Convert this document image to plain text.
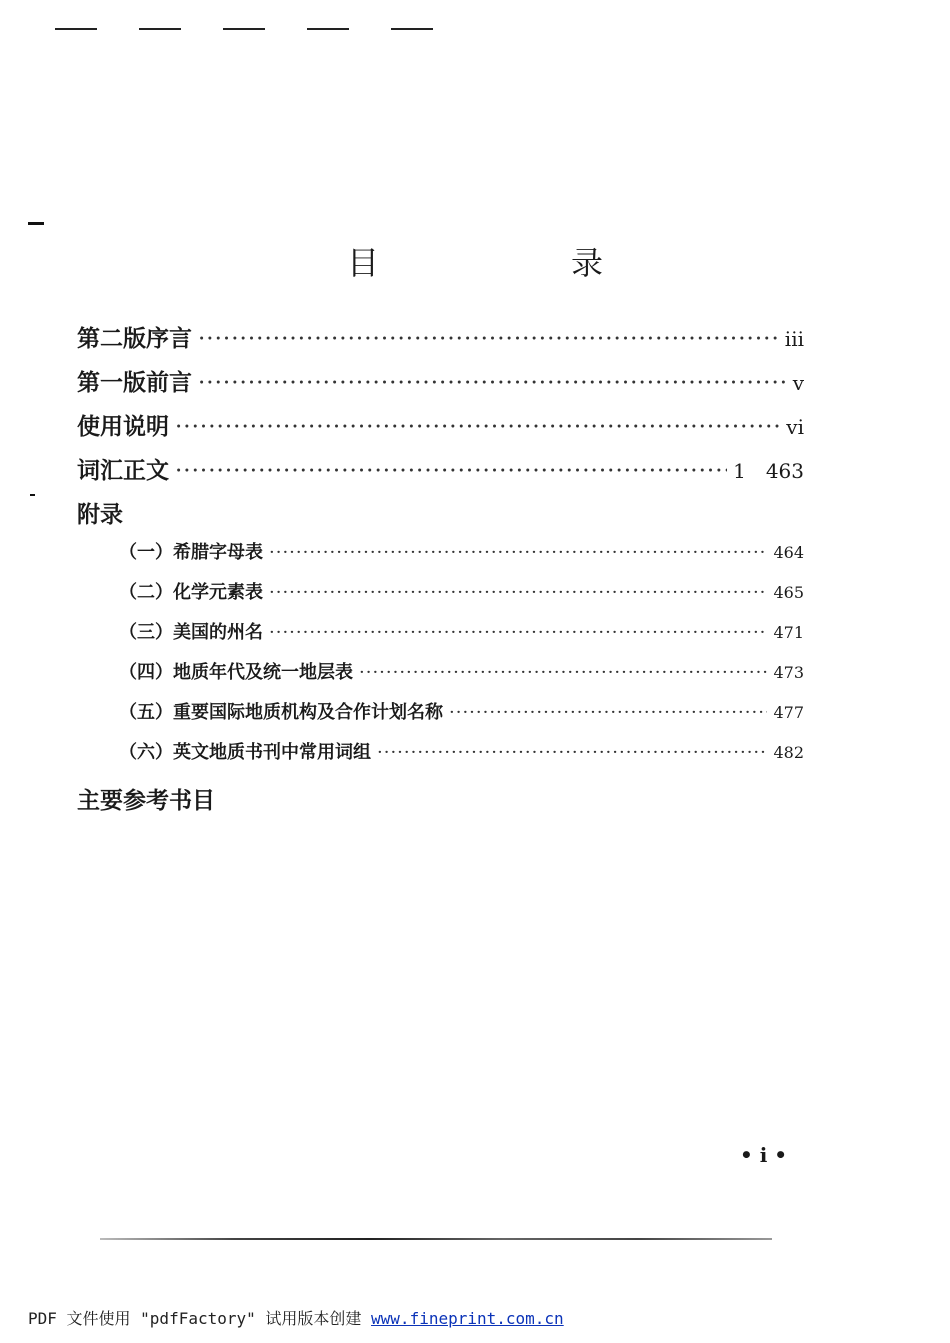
目　录
第二版序言 ·····	iii
第一版前言 ·····	v
使用说明 ·····	vi
词汇正文 ·····	1　463
附录
（一） 希腊字母表 ·····	464
（二） 化学元素表 ·····	465
（三） 美国的州名 ·····	471
（四） 地质年代及统一地层表 ·····	473
（五） 重要国际地质机构及合作计划名称 ·····	477
（六） 英文地质书刊中常用词组 ·····	482
主要参考书目
• i •
PDF 文件使用 "pdfFactory" 试用版本创建 www.fineprint.com.cn
